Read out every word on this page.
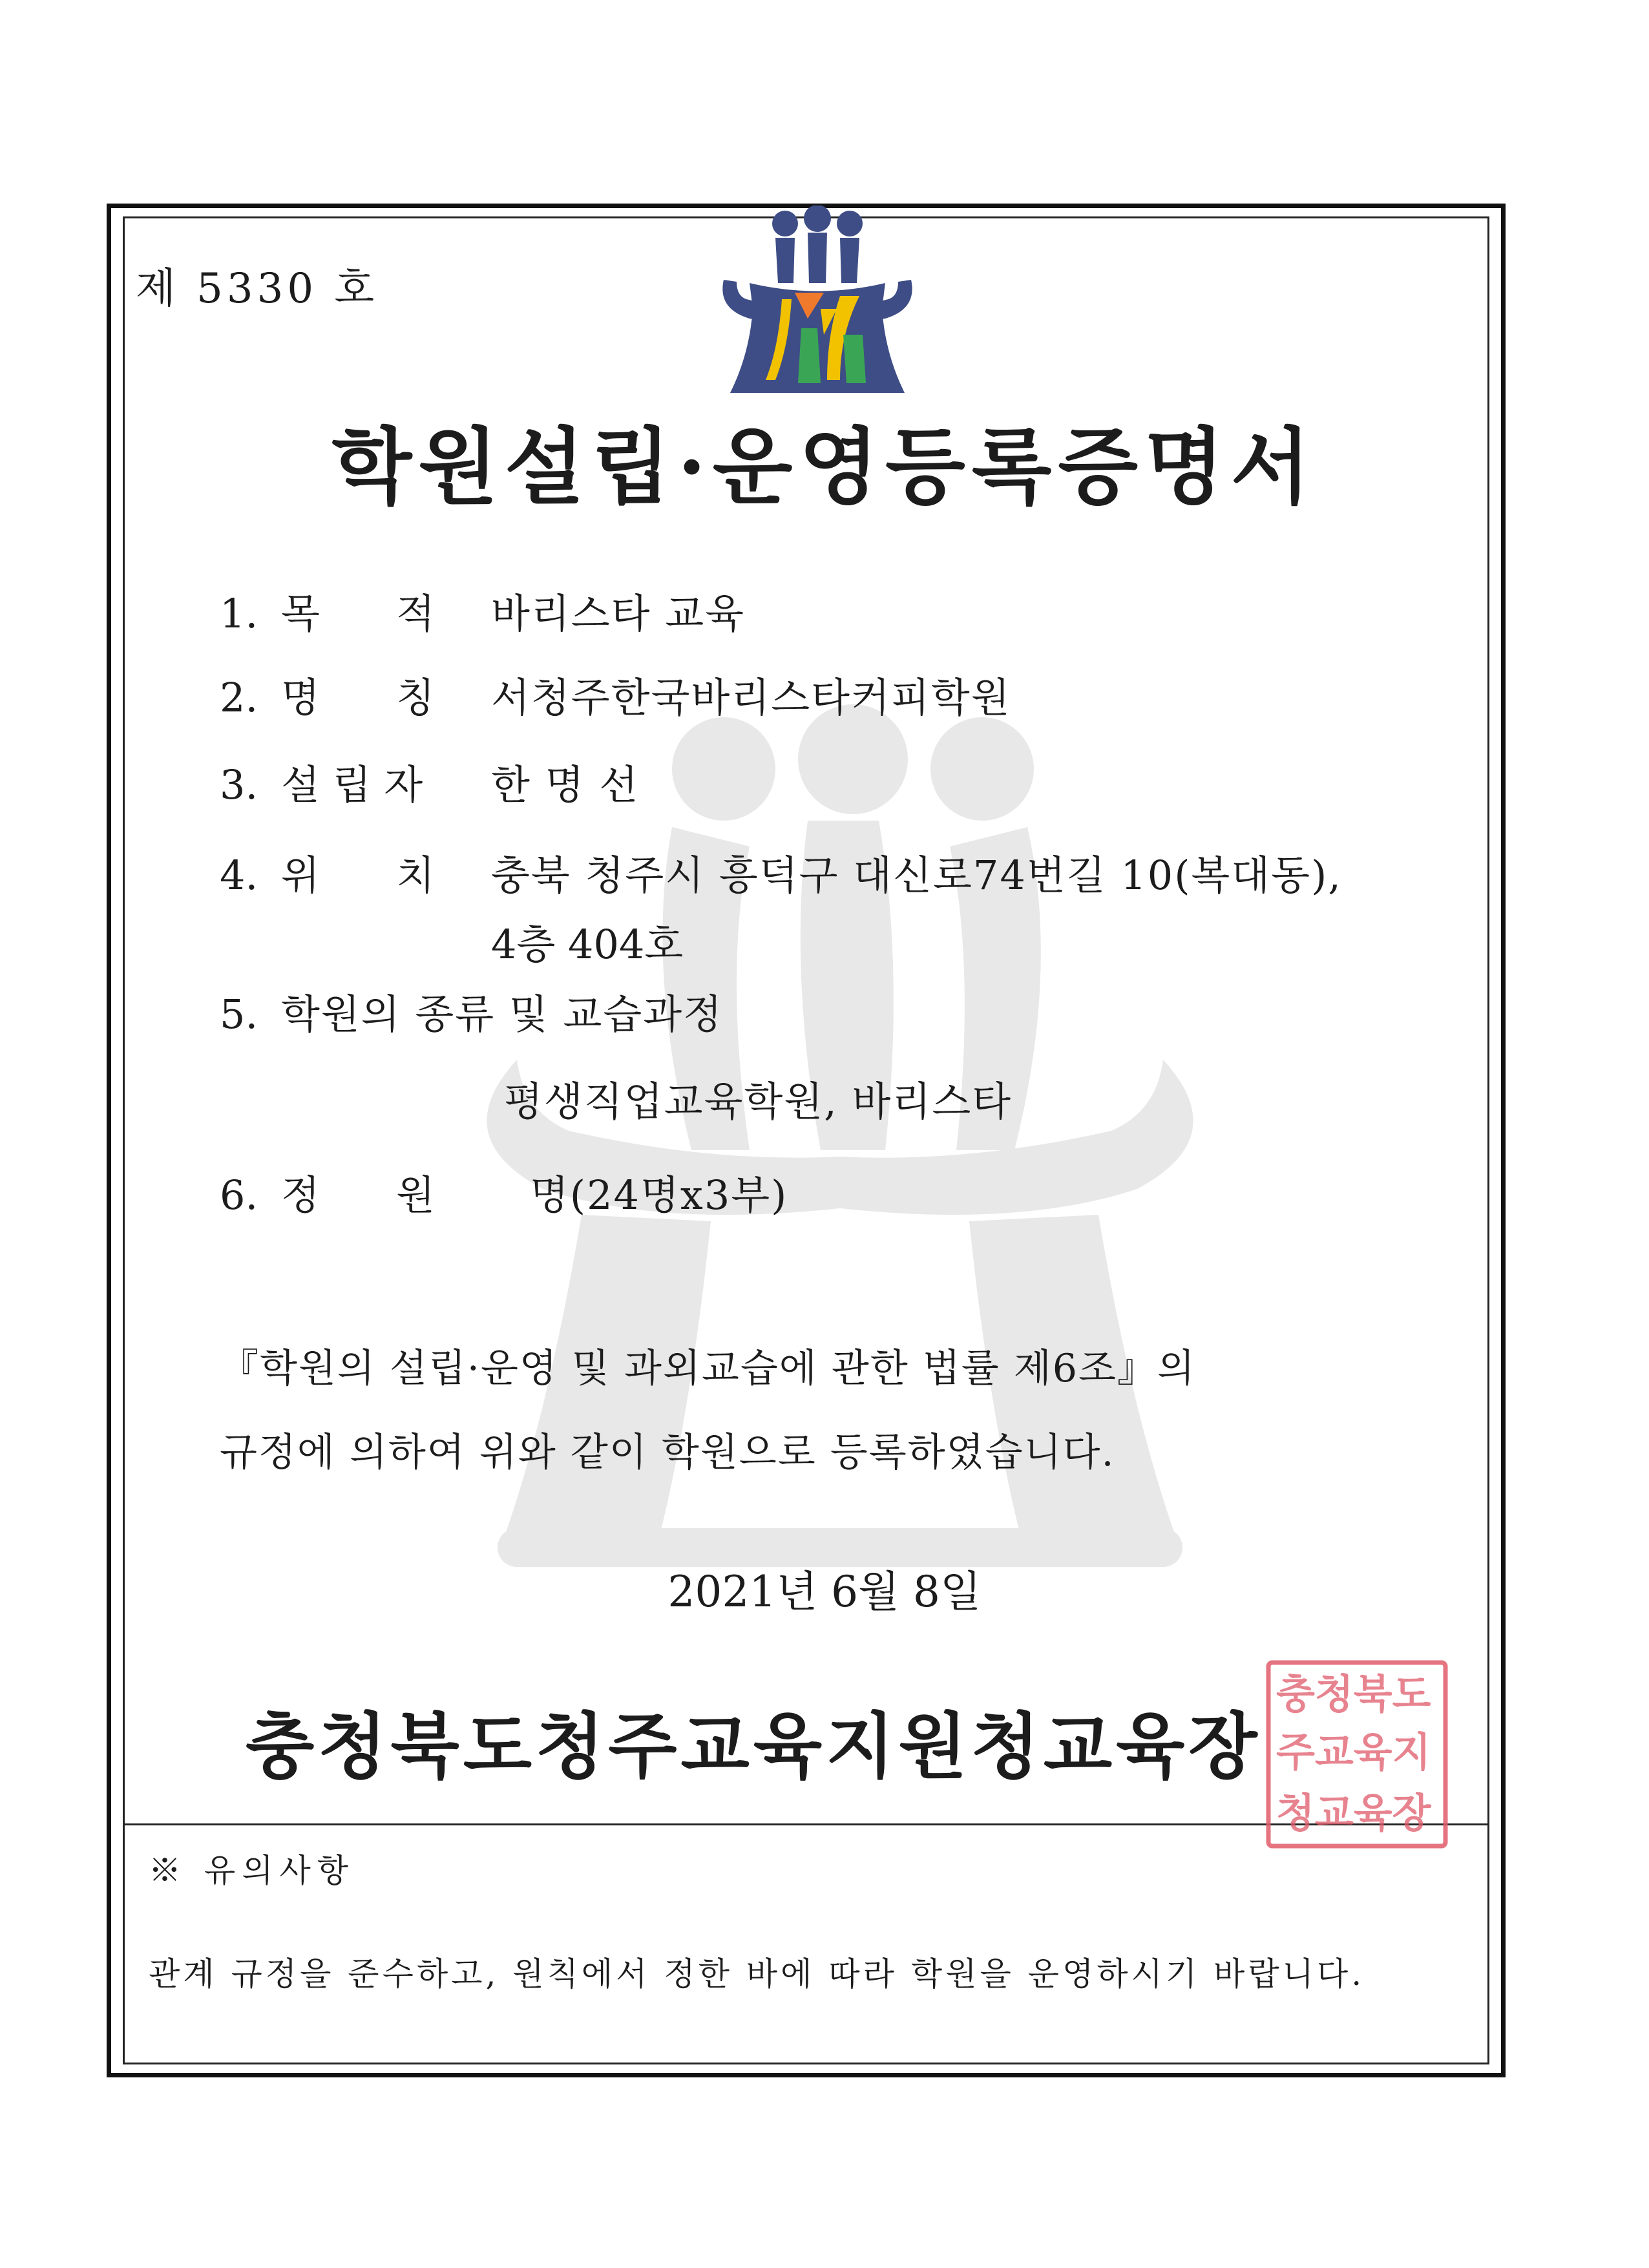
제 5330 호
학원설립·운영등록증명서
1. 목      적 바리스타 교육
2. 명      칭 서청주한국바리스타커피학원
3. 설 립 자 한 명 선
4. 위      치 충북 청주시 흥덕구 대신로74번길 10(복대동),
4층 404호
5. 학원의 종류 및 교습과정
평생직업교육학원, 바리스타
6. 정      원 명(24명x3부)
『학원의 설립·운영 및 과외교습에 관한 법률 제6조』의
규정에 의하여 위와 같이 학원으로 등록하였습니다.
2021년 6월 8일
충청북도청주교육지원청교육장
충청북도
주교육지
청교육장
※ 유의사항
관계 규정을 준수하고, 원칙에서 정한 바에 따라 학원을 운영하시기 바랍니다.
